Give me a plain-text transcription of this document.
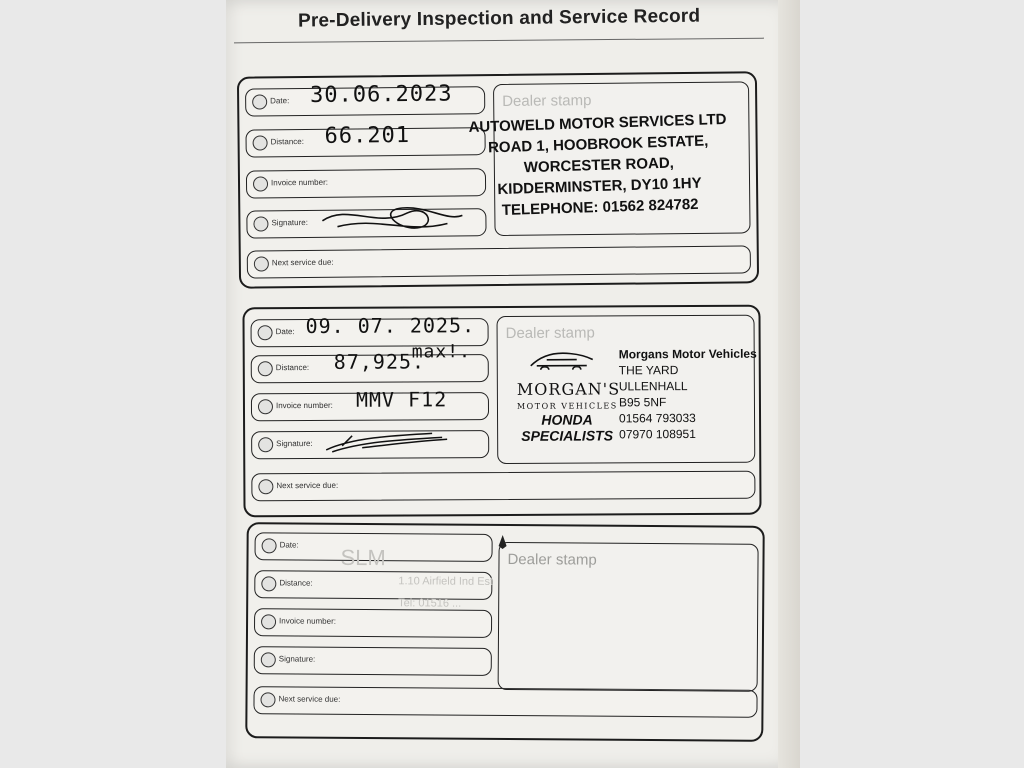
Pre-Delivery Inspection and Service Record
Date: 30.06.2023
Distance: 66.201
Invoice number:
Signature:
Next service due:
Dealer stamp
AUTOWELD MOTOR SERVICES LTD
ROAD 1, HOOBROOK ESTATE,
WORCESTER ROAD,
KIDDERMINSTER, DY10 1HY
TELEPHONE: 01562 824782
Date: 09. 07. 2025.
Distance: 87,925.
max!.
Invoice number: MMV F12
Signature:
Next service due:
Dealer stamp
MORGAN'S
MOTOR VEHICLES
HONDA
SPECIALISTS
Morgans Motor Vehicles
THE YARD
ULLENHALL
B95 5NF
01564 793033
07970 108951
Date:
Distance:
Invoice number:
Signature:
Next service due:
Dealer stamp
SLM
1.10 Airfield Ind Est
Tel: 01516 ...
